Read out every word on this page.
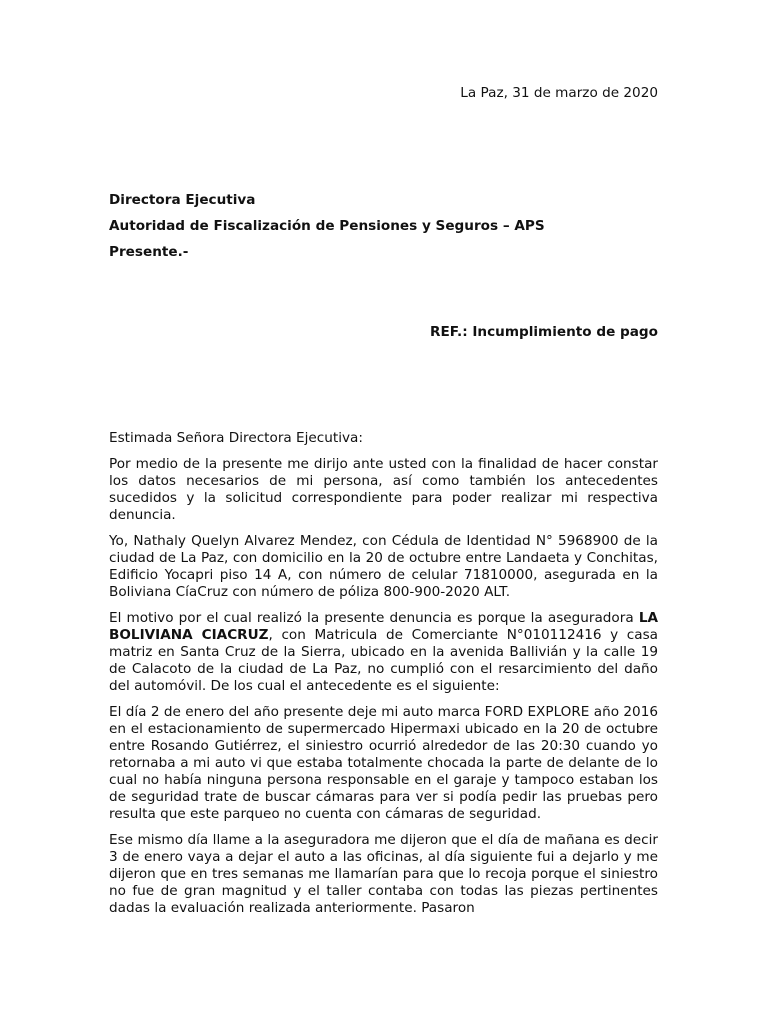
La Paz, 31 de marzo de 2020
Directora Ejecutiva
Autoridad de Fiscalización de Pensiones y Seguros – APS
Presente.-
REF.: Incumplimiento de pago

Estimada Señora Directora Ejecutiva:

Por medio de la presente me dirijo ante usted con la finalidad de hacer constar los datos necesarios de mi persona, así como también los antecedentes sucedidos y la solicitud correspondiente para poder realizar mi respectiva denuncia.

Yo, Nathaly Quelyn Alvarez Mendez, con Cédula de Identidad N° 5968900 de la ciudad de La Paz, con domicilio en la 20 de octubre entre Landaeta y Conchitas, Edificio Yocapri piso 14 A, con número de celular 71810000, asegurada en la Boliviana CíaCruz con número de póliza 800-900-2020 ALT.

El motivo por el cual realizó la presente denuncia es porque la aseguradora LA BOLIVIANA CIACRUZ, con Matricula de Comerciante N°010112416 y casa matriz en Santa Cruz de la Sierra, ubicado en la avenida Ballivián y la calle 19 de Calacoto de la ciudad de La Paz, no cumplió con el resarcimiento del daño del automóvil. De los cual el antecedente es el siguiente:

El día 2 de enero del año presente deje mi auto marca FORD EXPLORE año 2016 en el estacionamiento de supermercado Hipermaxi ubicado en la 20 de octubre entre Rosando Gutiérrez, el siniestro ocurrió alrededor de las 20:30 cuando yo retornaba a mi auto vi que estaba totalmente chocada la parte de delante de lo cual no había ninguna persona responsable en el garaje y tampoco estaban los de seguridad trate de buscar cámaras para ver si podía pedir las pruebas pero resulta que este parqueo no cuenta con cámaras de seguridad.

Ese mismo día llame a la aseguradora me dijeron que el día de mañana es decir 3 de enero vaya a dejar el auto a las oficinas, al día siguiente fui a dejarlo y me dijeron que en tres semanas me llamarían para que lo recoja porque el siniestro no fue de gran magnitud y el taller contaba con todas las piezas pertinentes dadas la evaluación realizada anteriormente. Pasaron
